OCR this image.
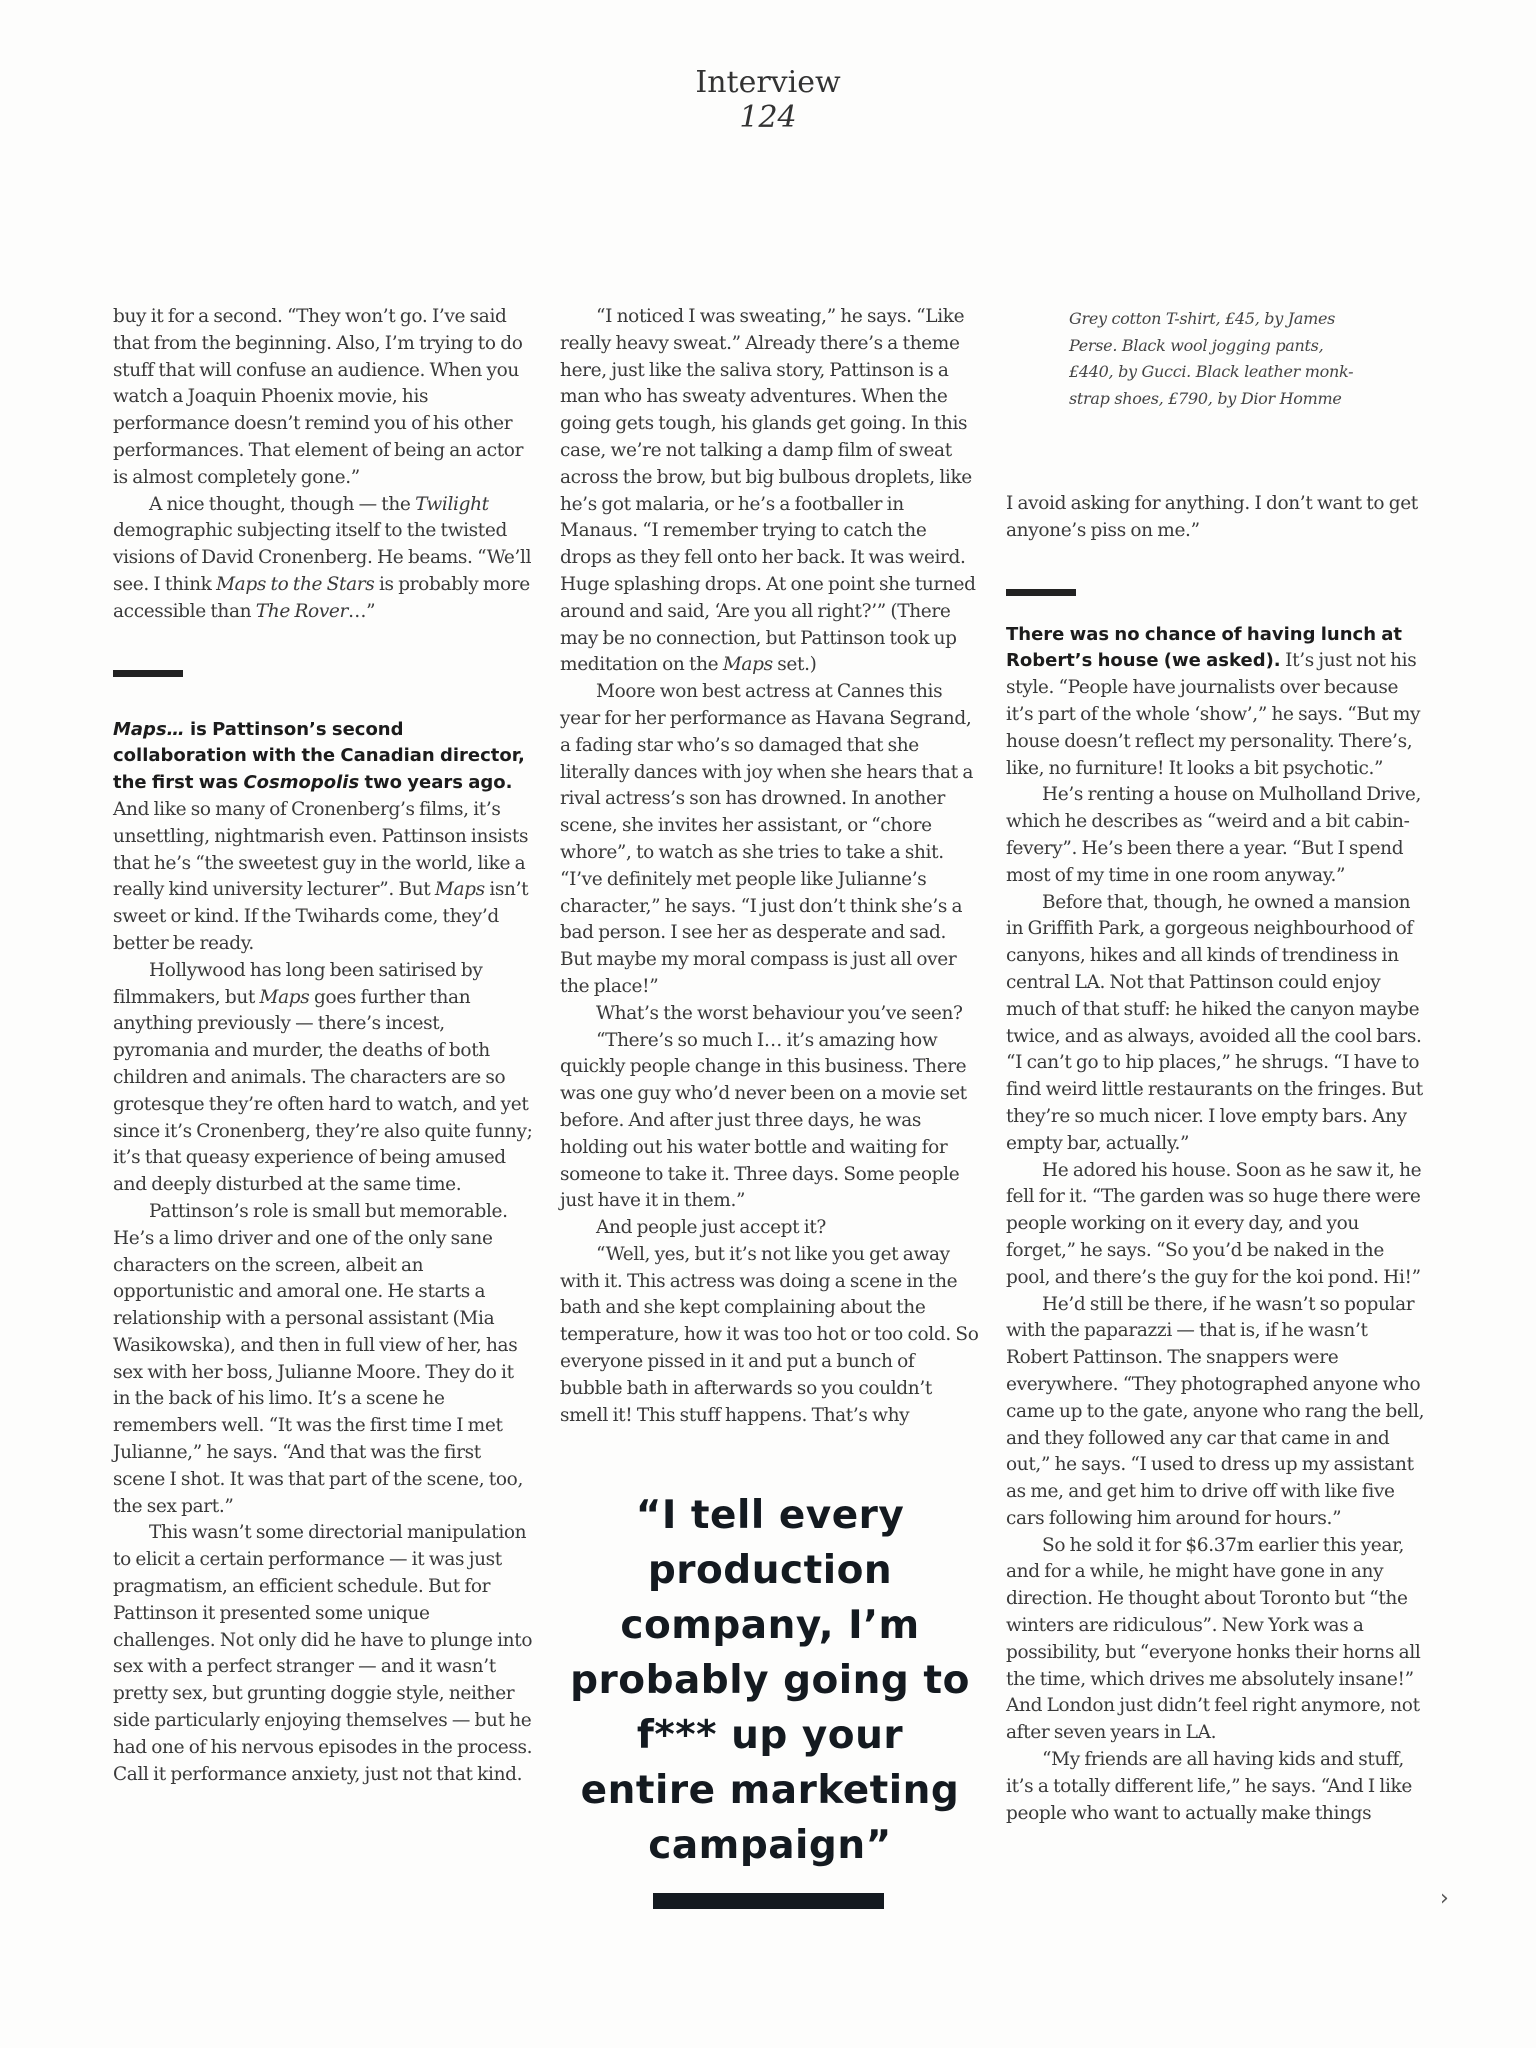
Interview
124

buy it for a second. “They won’t go. I’ve said that from the beginning. Also, I’m trying to do stuff that will confuse an audience. When you watch a Joaquin Phoenix movie, his performance doesn’t remind you of his other performances. That element of being an actor is almost completely gone.”

A nice thought, though — the Twilight demographic subjecting itself to the twisted visions of David Cronenberg. He beams. “We’ll see. I think Maps to the Stars is probably more accessible than The Rover…”

Maps… is Pattinson’s second collaboration with the Canadian director, the first was Cosmopolis two years ago. And like so many of Cronenberg’s films, it’s unsettling, nightmarish even. Pattinson insists that he’s “the sweetest guy in the world, like a really kind university lecturer”. But Maps isn’t sweet or kind. If the Twihards come, they’d better be ready.

Hollywood has long been satirised by filmmakers, but Maps goes further than anything previously — there’s incest, pyromania and murder, the deaths of both children and animals. The characters are so grotesque they’re often hard to watch, and yet since it’s Cronenberg, they’re also quite funny; it’s that queasy experience of being amused and deeply disturbed at the same time.

Pattinson’s role is small but memorable. He’s a limo driver and one of the only sane characters on the screen, albeit an opportunistic and amoral one. He starts a relationship with a personal assistant (Mia Wasikowska), and then in full view of her, has sex with her boss, Julianne Moore. They do it in the back of his limo. It’s a scene he remembers well. “It was the first time I met Julianne,” he says. “And that was the first scene I shot. It was that part of the scene, too, the sex part.”

This wasn’t some directorial manipulation to elicit a certain performance — it was just pragmatism, an efficient schedule. But for Pattinson it presented some unique challenges. Not only did he have to plunge into sex with a perfect stranger — and it wasn’t pretty sex, but grunting doggie style, neither side particularly enjoying themselves — but he had one of his nervous episodes in the process. Call it performance anxiety, just not that kind.

“I noticed I was sweating,” he says. “Like really heavy sweat.” Already there’s a theme here, just like the saliva story, Pattinson is a man who has sweaty adventures. When the going gets tough, his glands get going. In this case, we’re not talking a damp film of sweat across the brow, but big bulbous droplets, like he’s got malaria, or he’s a footballer in Manaus. “I remember trying to catch the drops as they fell onto her back. It was weird. Huge splashing drops. At one point she turned around and said, ‘Are you all right?’” (There may be no connection, but Pattinson took up meditation on the Maps set.)

Moore won best actress at Cannes this year for her performance as Havana Segrand, a fading star who’s so damaged that she literally dances with joy when she hears that a rival actress’s son has drowned. In another scene, she invites her assistant, or “chore whore”, to watch as she tries to take a shit. “I’ve definitely met people like Julianne’s character,” he says. “I just don’t think she’s a bad person. I see her as desperate and sad. But maybe my moral compass is just all over the place!”

What’s the worst behaviour you’ve seen?

“There’s so much I… it’s amazing how quickly people change in this business. There was one guy who’d never been on a movie set before. And after just three days, he was holding out his water bottle and waiting for someone to take it. Three days. Some people just have it in them.”

And people just accept it?

“Well, yes, but it’s not like you get away with it. This actress was doing a scene in the bath and she kept complaining about the temperature, how it was too hot or too cold. So everyone pissed in it and put a bunch of bubble bath in afterwards so you couldn’t smell it! This stuff happens. That’s why

“I tell every production company, I’m probably going to f*** up your entire marketing campaign”
Grey cotton T-shirt, £45, by James Perse. Black wool jogging pants, £440, by Gucci. Black leather monk-strap shoes, £790, by Dior Homme

I avoid asking for anything. I don’t want to get anyone’s piss on me.”

There was no chance of having lunch at Robert’s house (we asked). It’s just not his style. “People have journalists over because it’s part of the whole ‘show’,” he says. “But my house doesn’t reflect my personality. There’s, like, no furniture! It looks a bit psychotic.”

He’s renting a house on Mulholland Drive, which he describes as “weird and a bit cabin-fevery”. He’s been there a year. “But I spend most of my time in one room anyway.”

Before that, though, he owned a mansion in Griffith Park, a gorgeous neighbourhood of canyons, hikes and all kinds of trendiness in central LA. Not that Pattinson could enjoy much of that stuff: he hiked the canyon maybe twice, and as always, avoided all the cool bars. “I can’t go to hip places,” he shrugs. “I have to find weird little restaurants on the fringes. But they’re so much nicer. I love empty bars. Any empty bar, actually.”

He adored his house. Soon as he saw it, he fell for it. “The garden was so huge there were people working on it every day, and you forget,” he says. “So you’d be naked in the pool, and there’s the guy for the koi pond. Hi!”

He’d still be there, if he wasn’t so popular with the paparazzi — that is, if he wasn’t Robert Pattinson. The snappers were everywhere. “They photographed anyone who came up to the gate, anyone who rang the bell, and they followed any car that came in and out,” he says. “I used to dress up my assistant as me, and get him to drive off with like five cars following him around for hours.”

So he sold it for $6.37m earlier this year, and for a while, he might have gone in any direction. He thought about Toronto but “the winters are ridiculous”. New York was a possibility, but “everyone honks their horns all the time, which drives me absolutely insane!” And London just didn’t feel right anymore, not after seven years in LA.

“My friends are all having kids and stuff, it’s a totally different life,” he says. “And I like people who want to actually make things

›
